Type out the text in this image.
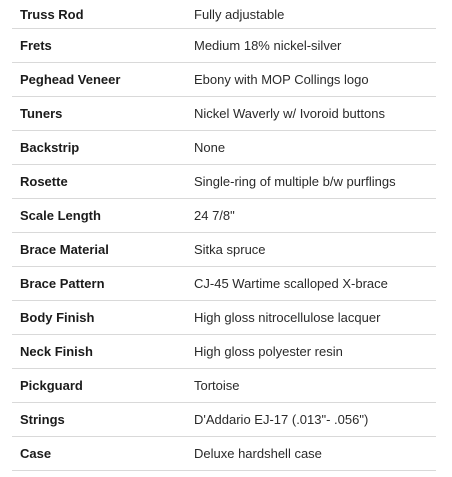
Truss Rod	Fully adjustable
Frets	Medium 18% nickel-silver
Peghead Veneer	Ebony with MOP Collings logo
Tuners	Nickel Waverly w/ Ivoroid buttons
Backstrip	None
Rosette	Single-ring of multiple b/w purflings
Scale Length	24 7/8"
Brace Material	Sitka spruce
Brace Pattern	CJ-45 Wartime scalloped X-brace
Body Finish	High gloss nitrocellulose lacquer
Neck Finish	High gloss polyester resin
Pickguard	Tortoise
Strings	D'Addario EJ-17 (.013"- .056")
Case	Deluxe hardshell case
